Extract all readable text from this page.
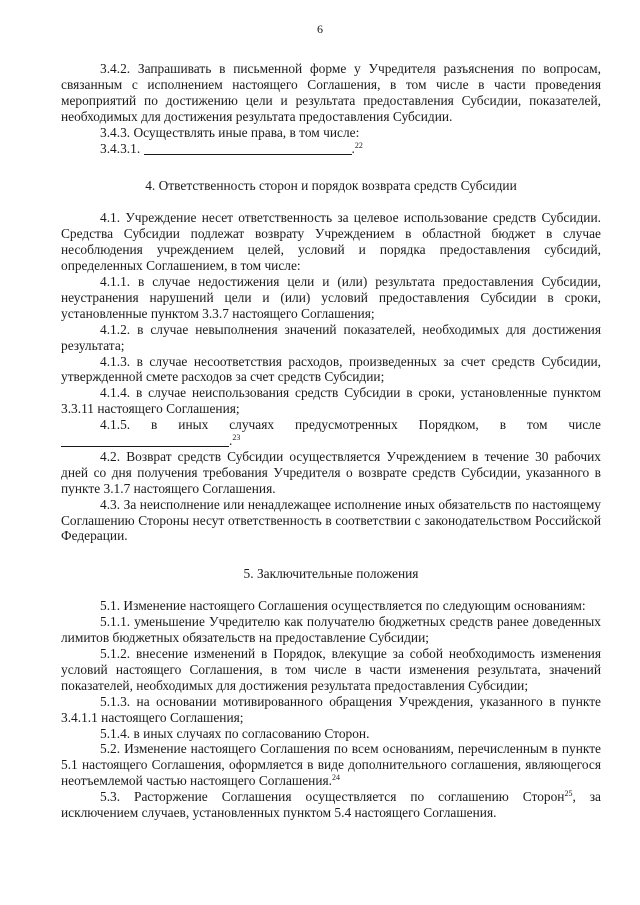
6

3.4.2. Запрашивать в письменной форме у Учредителя разъяснения по вопросам, связанным с исполнением настоящего Соглашения, в том числе в части проведения мероприятий по достижению цели и результата предоставления Субсидии, показателей, необходимых для достижения результата предоставления Субсидии.

3.4.3. Осуществлять иные права, в том числе:

3.4.3.1.	.$^{22}$

4. Ответственность сторон и порядок возврата средств Субсидии

4.1. Учреждение несет ответственность за целевое использование средств Субсидии. Средства Субсидии подлежат возврату Учреждением в областной бюджет в случае несоблюдения учреждением целей, условий и порядка предоставления субсидий, определенных Соглашением, в том числе:

4.1.1. в случае недостижения цели и (или) результата предоставления Субсидии, неустранения нарушений цели и (или) условий предоставления Субсидии в сроки, установленные пунктом 3.3.7 настоящего Соглашения;

4.1.2. в случае невыполнения значений показателей, необходимых для достижения результата;

4.1.3. в случае несоответствия расходов, произведенных за счет средств Субсидии, утвержденной смете расходов за счет средств Субсидии;

4.1.4. в случае неиспользования средств Субсидии в сроки, установленные пунктом 3.3.11 настоящего Соглашения;

4.1.5. в иных случаях предусмотренных Порядком, в том числе

.$^{23}$

4.2. Возврат средств Субсидии осуществляется Учреждением в течение 30 рабочих дней со дня получения требования Учредителя о возврате средств Субсидии, указанного в пункте 3.1.7 настоящего Соглашения.

4.3. За неисполнение или ненадлежащее исполнение иных обязательств по настоящему Соглашению Стороны несут ответственность в соответствии с законодательством Российской Федерации.

5. Заключительные положения

5.1. Изменение настоящего Соглашения осуществляется по следующим основаниям:

5.1.1. уменьшение Учредителю как получателю бюджетных средств ранее доведенных лимитов бюджетных обязательств на предоставление Субсидии;

5.1.2. внесение изменений в Порядок, влекущие за собой необходимость изменения условий настоящего Соглашения, в том числе в части изменения результата, значений показателей, необходимых для достижения результата предоставления Субсидии;

5.1.3. на основании мотивированного обращения Учреждения, указанного в пункте 3.4.1.1 настоящего Соглашения;

5.1.4. в иных случаях по согласованию Сторон.

5.2. Изменение настоящего Соглашения по всем основаниям, перечисленным в пункте 5.1 настоящего Соглашения, оформляется в виде дополнительного соглашения, являющегося неотъемлемой частью настоящего Соглашения.$^{24}$

5.3. Расторжение Соглашения осуществляется по соглашению Сторон$^{25}$, за исключением случаев, установленных пунктом 5.4 настоящего Соглашения.
